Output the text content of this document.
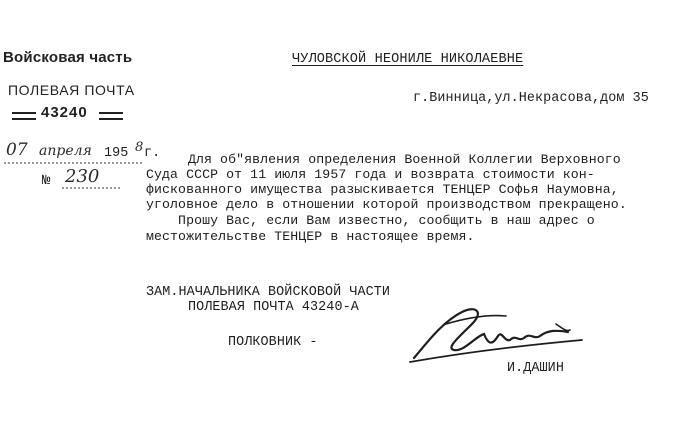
Войсковая часть
ПОЛЕВАЯ ПОЧТА

43240

07

апреля

195

8

г.

№

230

ЧУЛОВСКОЙ НЕОНИЛЕ НИКОЛАЕВНЕ
г.Винница,ул.Некрасова,дом 35
Для об"явления определения Военной Коллегии Верховного
Суда СССР от 11 июля 1957 года и возврата стоимости кон-
фискованного имущества разыскивается ТЕНЦЕР Софья Наумовна,
уголовное дело в отношении которой производством прекращено.
Прошу Вас, если Вам известно, сообщить в наш адрес о
местожительстве ТЕНЦЕР в настоящее время.
ЗАМ.НАЧАЛЬНИКА ВОЙСКОВОЙ ЧАСТИ
ПОЛЕВАЯ ПОЧТА 43240-А
ПОЛКОВНИК -
И.ДАШИН
